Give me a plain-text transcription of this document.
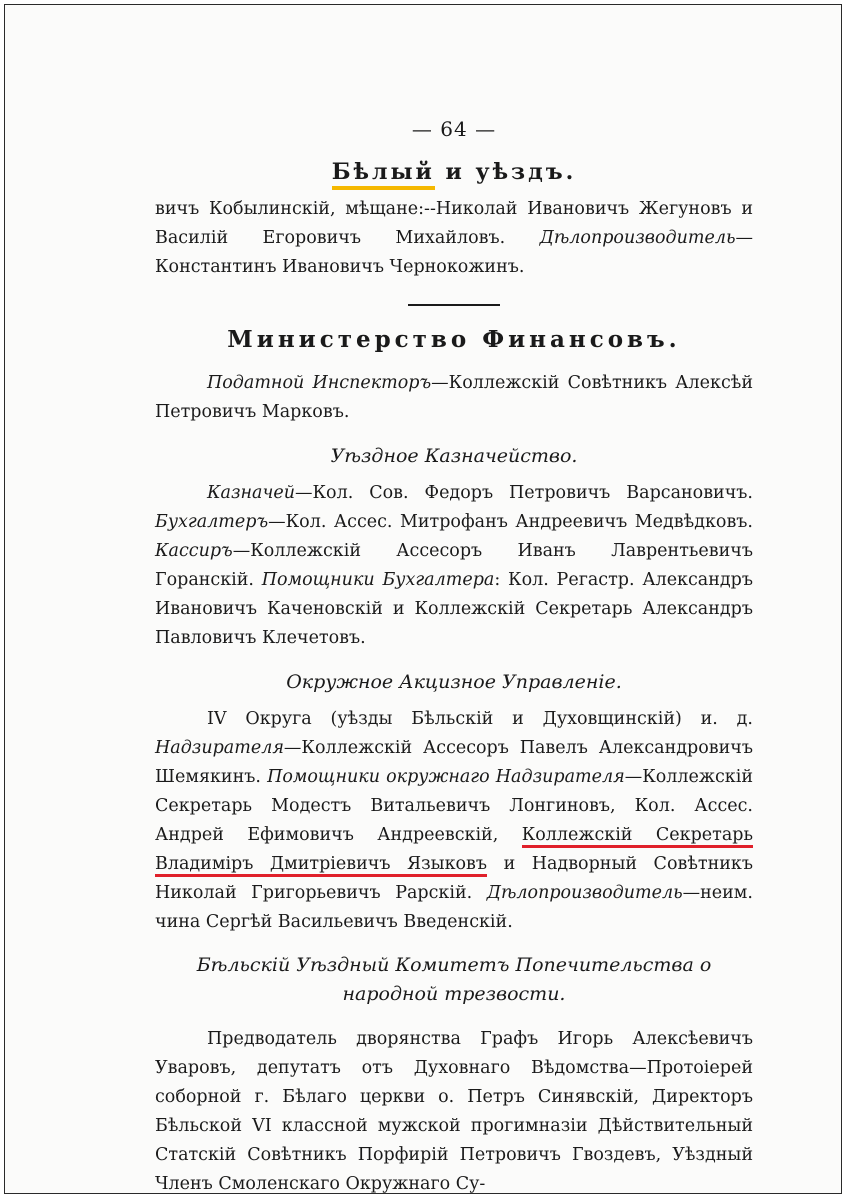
— 64 —
Бѣлый и уѣздъ.

вичъ Кобылинскій, мѣщане:--Николай Ивановичъ Жегуновъ и Василій Егоровичъ Михайловъ. Дѣлопроизводитель—Константинъ Ивановичъ Чернокожинъ.

Министерство Финансовъ.

Податной Инспекторъ—Коллежскій Совѣтникъ Алексѣй Петровичъ Марковъ.

Уѣздное Казначейство.

Казначей—Кол. Сов. Федоръ Петровичъ Варсановичъ. Бухгалтеръ—Кол. Ассес. Митрофанъ Андреевичъ Медвѣдковъ. Кассиръ—Коллежскій Ассесоръ Иванъ Лаврентьевичъ Горанскій. Помощники Бухгалтера: Кол. Регастр. Александръ Ивановичъ Каченовскій и Коллежскій Секретарь Александръ Павловичъ Клечетовъ.

Окружное Акцизное Управленіе.

IV Округа (уѣзды Бѣльскій и Духовщинскій) и. д. Надзирателя—Коллежскій Ассесоръ Павелъ Александровичъ Шемякинъ. Помощники окружнаго Надзирателя—Коллежскій Секретарь Модестъ Витальевичъ Лонгиновъ, Кол. Ассес. Андрей Ефимовичъ Андреевскій, Коллежскій Секретарь Владиміръ Дмитріевичъ Языковъ и Надворный Совѣтникъ Николай Григорьевичъ Рарскій. Дѣлопроизводитель—неим. чина Сергѣй Васильевичъ Введенскій.

Бѣльскій Уѣздный Комитетъ Попечительства о народной трезвости.

Предводатель дворянства Графъ Игорь Алексѣевичъ Уваровъ, депутатъ отъ Духовнаго Вѣдомства—Протоіерей соборной г. Бѣлаго церкви о. Петръ Синявскій, Директоръ Бѣльской VI классной мужской прогимназіи Дѣйствительный Статскій Совѣтникъ Порфирій Петровичъ Гвоздевъ, Уѣздный Членъ Смоленскаго Окружнаго Су-
